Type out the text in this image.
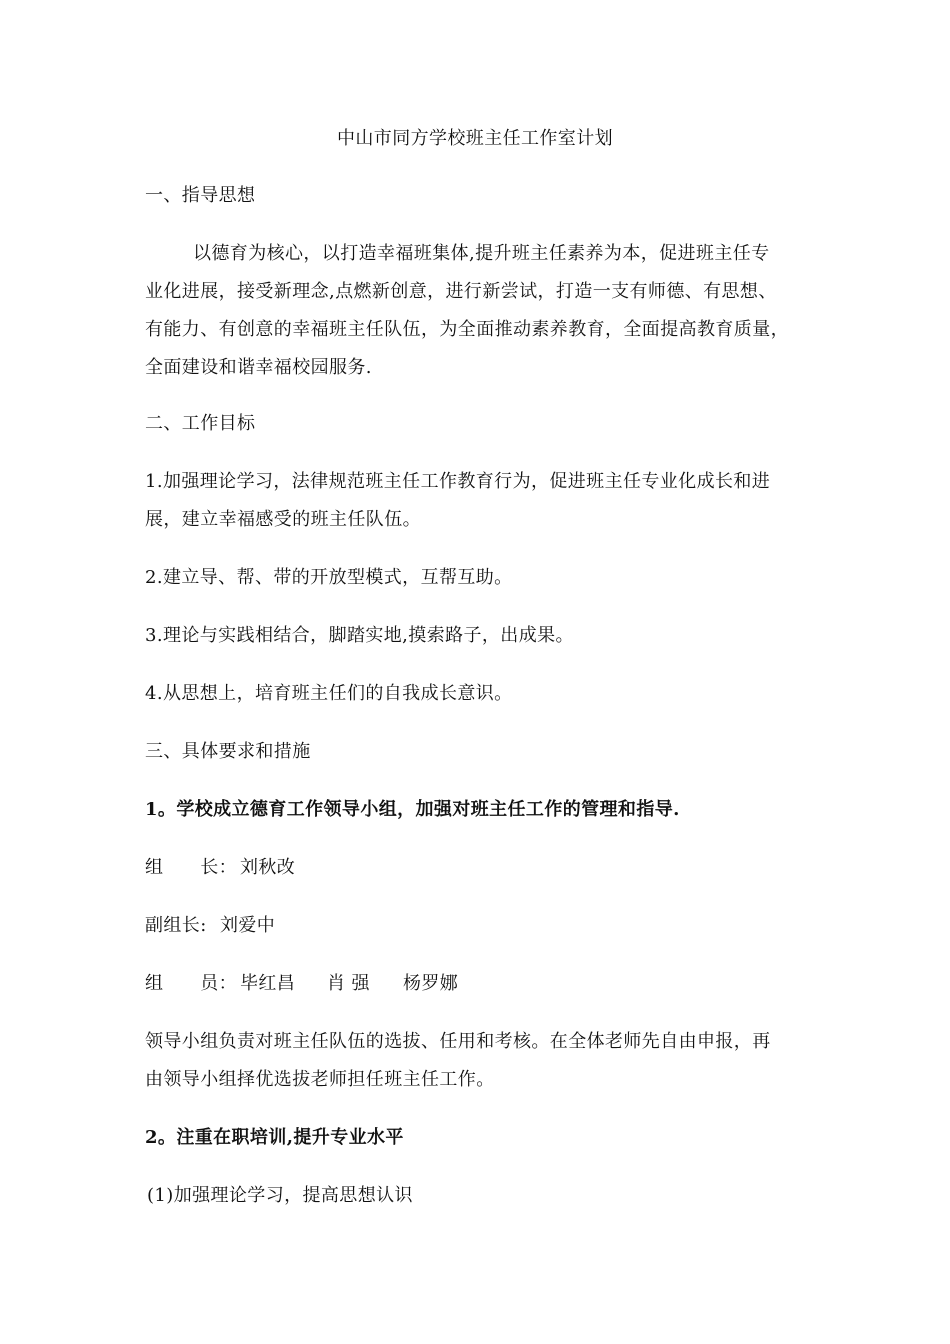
中山市同方学校班主任工作室计划
一、指导思想
以德育为核心，以打造幸福班集体,提升班主任素养为本，促进班主任专
业化进展，接受新理念,点燃新创意，进行新尝试，打造一支有师德、有思想、
有能力、有创意的幸福班主任队伍，为全面推动素养教育，全面提高教育质量，
全面建设和谐幸福校园服务.
二、工作目标
1.加强理论学习，法律规范班主任工作教育行为，促进班主任专业化成长和进
展，建立幸福感受的班主任队伍。
2.建立导、帮、带的开放型模式，互帮互助。
3.理论与实践相结合，脚踏实地,摸索路子，出成果。
4.从思想上，培育班主任们的自我成长意识。
三、具体要求和措施
1。学校成立德育工作领导小组，加强对班主任工作的管理和指导.
组　　长： 刘秋改
副组长: 刘爱中
组　　员： 毕红昌 肖 强 杨罗娜
领导小组负责对班主任队伍的选拔、任用和考核。在全体老师先自由申报，再
由领导小组择优选拔老师担任班主任工作。
2。注重在职培训,提升专业水平
(1)加强理论学习，提高思想认识
